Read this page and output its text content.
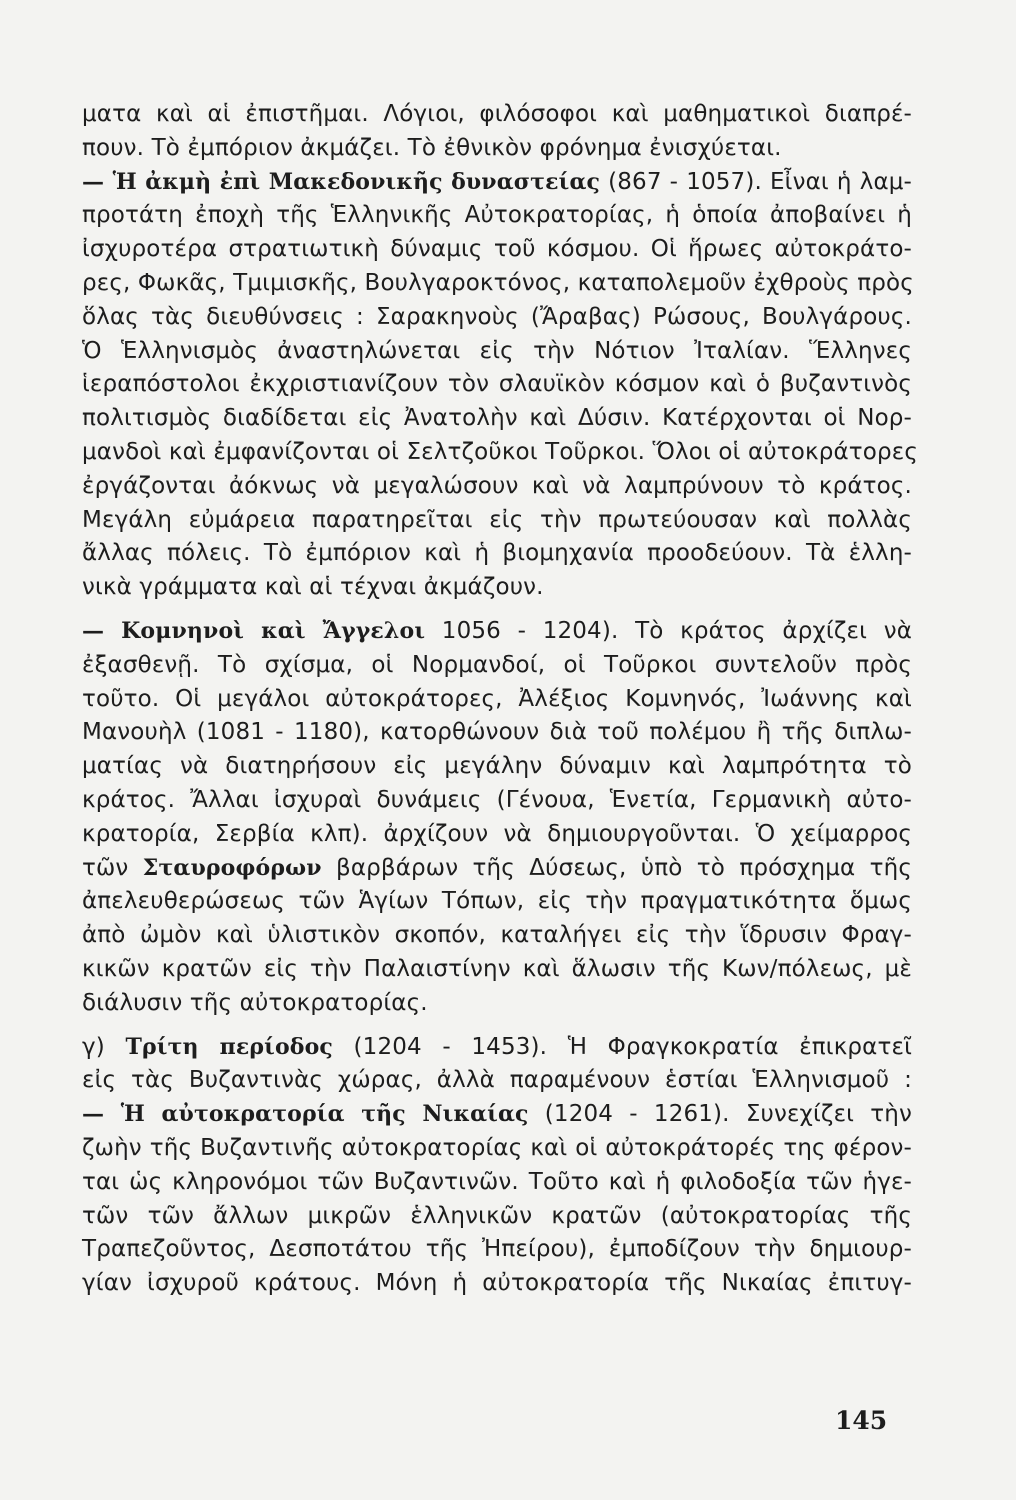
ματα καὶ αἱ ἐπιστῆμαι. Λόγιοι, φιλόσοφοι καὶ μαθηματικοὶ διαπρέ-
πουν. Τὸ ἐμπόριον ἀκμάζει. Τὸ ἐθνικὸν φρόνημα ἐνισχύεται.
— Ἡ ἀκμὴ ἐπὶ Μακεδονικῆς δυναστείας (867 - 1057). Εἶναι ἡ λαμ-
προτάτη ἐποχὴ τῆς Ἑλληνικῆς Αὐτοκρατορίας, ἡ ὁποία ἀποβαίνει ἡ
ἰσχυροτέρα στρατιωτικὴ δύναμις τοῦ κόσμου. Οἱ ἥρωες αὐτοκράτο-
ρες, Φωκᾶς, Τμιμισκῆς, Βουλγαροκτόνος, καταπολεμοῦν ἐχθροὺς πρὸς
ὅλας τὰς διευθύνσεις : Σαρακηνοὺς (Ἄραβας) Ρώσους, Βουλγάρους.
Ὁ Ἑλληνισμὸς ἀναστηλώνεται εἰς τὴν Νότιον Ἰταλίαν. Ἕλληνες
ἱεραπόστολοι ἐκχριστιανίζουν τὸν σλαυϊκὸν κόσμον καὶ ὁ βυζαντινὸς
πολιτισμὸς διαδίδεται εἰς Ἀνατολὴν καὶ Δύσιν. Κατέρχονται οἱ Νορ-
μανδοὶ καὶ ἐμφανίζονται οἱ Σελτζοῦκοι Τοῦρκοι. Ὅλοι οἱ αὐτοκράτορες
ἐργάζονται ἀόκνως νὰ μεγαλώσουν καὶ νὰ λαμπρύνουν τὸ κράτος.
Μεγάλη εὐμάρεια παρατηρεῖται εἰς τὴν πρωτεύουσαν καὶ πολλὰς
ἄλλας πόλεις. Τὸ ἐμπόριον καὶ ἡ βιομηχανία προοδεύουν. Τὰ ἑλλη-
νικὰ γράμματα καὶ αἱ τέχναι ἀκμάζουν.
— Κομνηνοὶ καὶ Ἄγγελοι 1056 - 1204). Τὸ κράτος ἀρχίζει νὰ
ἐξασθενῇ. Τὸ σχίσμα, οἱ Νορμανδοί, οἱ Τοῦρκοι συντελοῦν πρὸς
τοῦτο. Οἱ μεγάλοι αὐτοκράτορες, Ἀλέξιος Κομνηνός, Ἰωάννης καὶ
Μανουὴλ (1081 - 1180), κατορθώνουν διὰ τοῦ πολέμου ἢ τῆς διπλω-
ματίας νὰ διατηρήσουν εἰς μεγάλην δύναμιν καὶ λαμπρότητα τὸ
κράτος. Ἄλλαι ἰσχυραὶ δυνάμεις (Γένουα, Ἑνετία, Γερμανικὴ αὐτο-
κρατορία, Σερβία κλπ). ἀρχίζουν νὰ δημιουργοῦνται. Ὁ χείμαρρος
τῶν Σταυροφόρων βαρβάρων τῆς Δύσεως, ὑπὸ τὸ πρόσχημα τῆς
ἀπελευθερώσεως τῶν Ἁγίων Τόπων, εἰς τὴν πραγματικότητα ὅμως
ἀπὸ ὠμὸν καὶ ὑλιστικὸν σκοπόν, καταλήγει εἰς τὴν ἵδρυσιν Φραγ-
κικῶν κρατῶν εἰς τὴν Παλαιστίνην καὶ ἅλωσιν τῆς Κων/πόλεως, μὲ
διάλυσιν τῆς αὐτοκρατορίας.
γ) Τρίτη περίοδος (1204 - 1453). Ἡ Φραγκοκρατία ἐπικρατεῖ
εἰς τὰς Βυζαντινὰς χώρας, ἀλλὰ παραμένουν ἑστίαι Ἑλληνισμοῦ :
— Ἡ αὐτοκρατορία τῆς Νικαίας (1204 - 1261). Συνεχίζει τὴν
ζωὴν τῆς Βυζαντινῆς αὐτοκρατορίας καὶ οἱ αὐτοκράτορές της φέρον-
ται ὡς κληρονόμοι τῶν Βυζαντινῶν. Τοῦτο καὶ ἡ φιλοδοξία τῶν ἡγε-
τῶν τῶν ἄλλων μικρῶν ἑλληνικῶν κρατῶν (αὐτοκρατορίας τῆς
Τραπεζοῦντος, Δεσποτάτου τῆς Ἠπείρου), ἐμποδίζουν τὴν δημιουρ-
γίαν ἰσχυροῦ κράτους. Μόνη ἡ αὐτοκρατορία τῆς Νικαίας ἐπιτυγ-
145
